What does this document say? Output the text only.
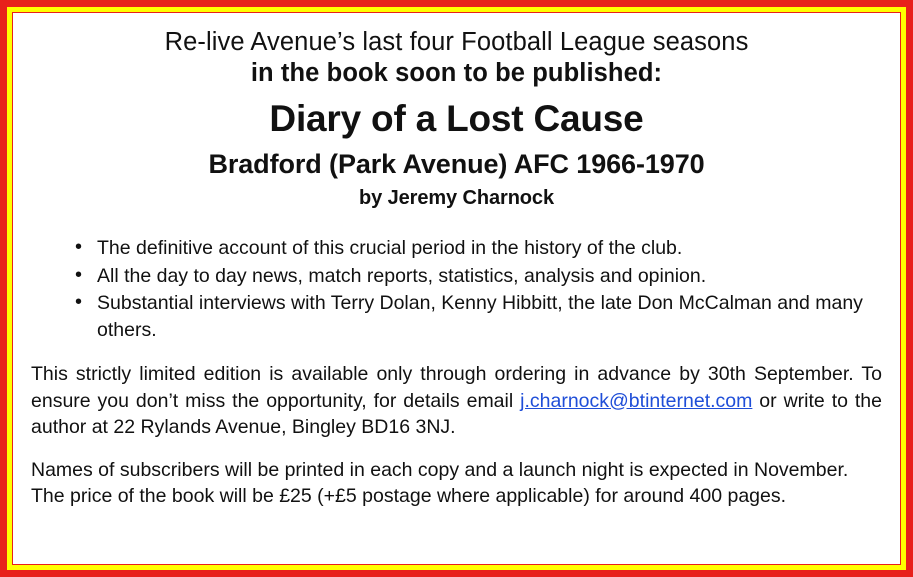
Re-live Avenue’s last four Football League seasons
in the book soon to be published:
Diary of a Lost Cause
Bradford (Park Avenue) AFC 1966-1970
by Jeremy Charnock
• The definitive account of this crucial period in the history of the club.
• All the day to day news, match reports, statistics, analysis and opinion.
• Substantial interviews with Terry Dolan, Kenny Hibbitt, the late Don McCalman and many others.

This strictly limited edition is available only through ordering in advance by 30th September. To ensure you don’t miss the opportunity, for details email j.charnock@btinternet.com or write to the author at 22 Rylands Avenue, Bingley BD16 3NJ.

Names of subscribers will be printed in each copy and a launch night is expected in November. The price of the book will be £25 (+£5 postage where applicable) for around 400 pages.
